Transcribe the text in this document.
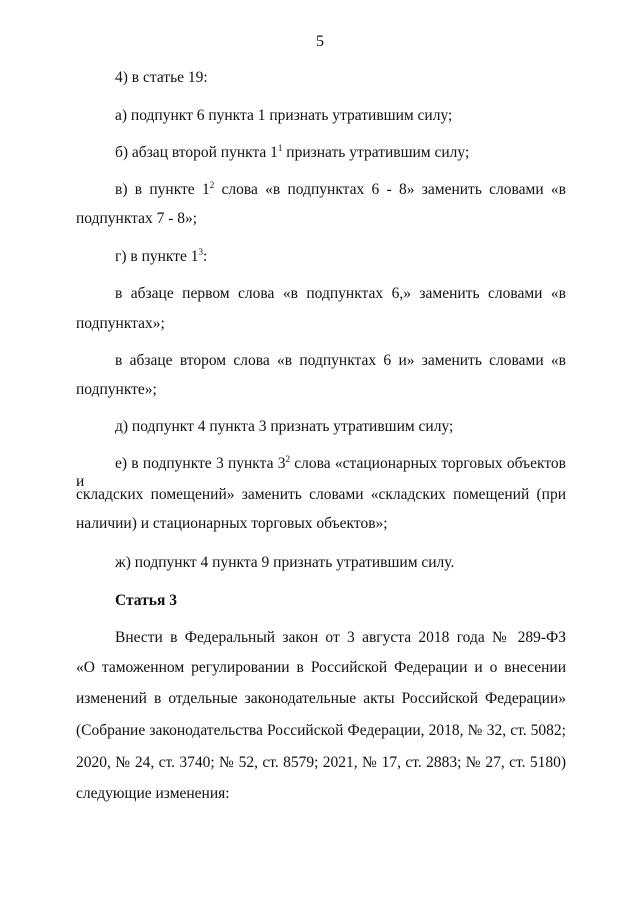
5
4) в статье 19:
а) подпункт 6 пункта 1 признать утратившим силу;
б) абзац второй пункта $1^1$ признать утратившим силу;
в) в пункте $1^2$ слова «в подпунктах 6 - 8» заменить словами «в
подпунктах 7 - 8»;
г) в пункте $1^3$:
в абзаце первом слова «в подпунктах 6,» заменить словами «в
подпунктах»;
в абзаце втором слова «в подпунктах 6 и» заменить словами «в
подпункте»;
д) подпункт 4 пункта 3 признать утратившим силу;
е) в подпункте 3 пункта $3^2$ слова «стационарных торговых объектов и
складских помещений» заменить словами «складских помещений (при
наличии) и стационарных торговых объектов»;
ж) подпункт 4 пункта 9 признать утратившим силу.
Статья 3
Внести в Федеральный закон от 3 августа 2018 года № 289-ФЗ
«О таможенном регулировании в Российской Федерации и о внесении
изменений в отдельные законодательные акты Российской Федерации»
(Собрание законодательства Российской Федерации, 2018, № 32, ст. 5082;
2020, № 24, ст. 3740; № 52, ст. 8579; 2021, № 17, ст. 2883; № 27, ст. 5180)
следующие изменения:
